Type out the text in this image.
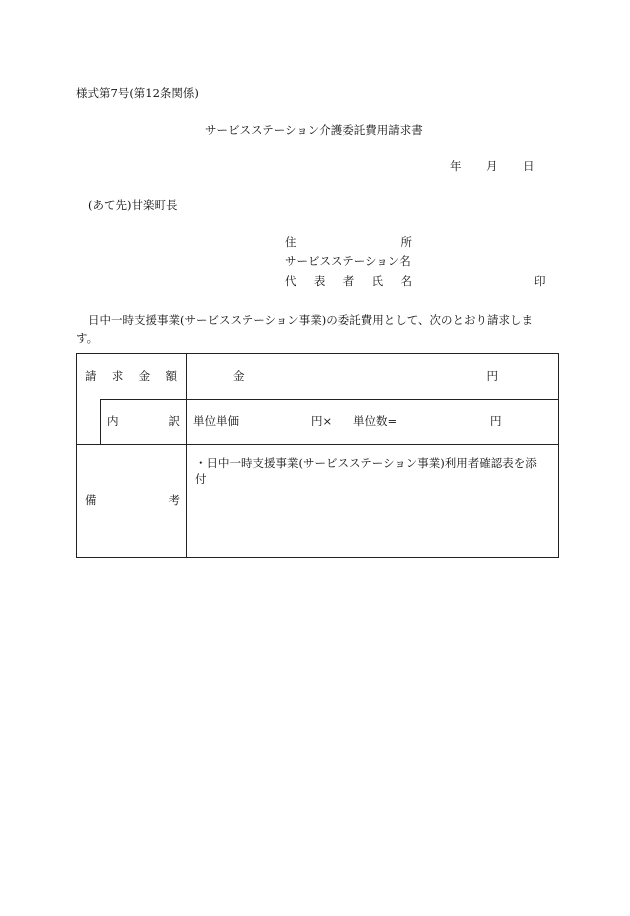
様式第7号(第12条関係)
サービスステーション介護委託費用請求書
年 月 日
(あて先)甘楽町長
住	所
サービスステーション名
代 表 者 氏 名	印
日中一時支援事業(サービスステーション事業)の委託費用として、次のとおり請求しま
す。
請 求 金 額		金 円

	内 訳	単位単価 円× 単位数= 円

備 考		・日中一時支援事業(サービスステーション事業)利用者確認表を添付
